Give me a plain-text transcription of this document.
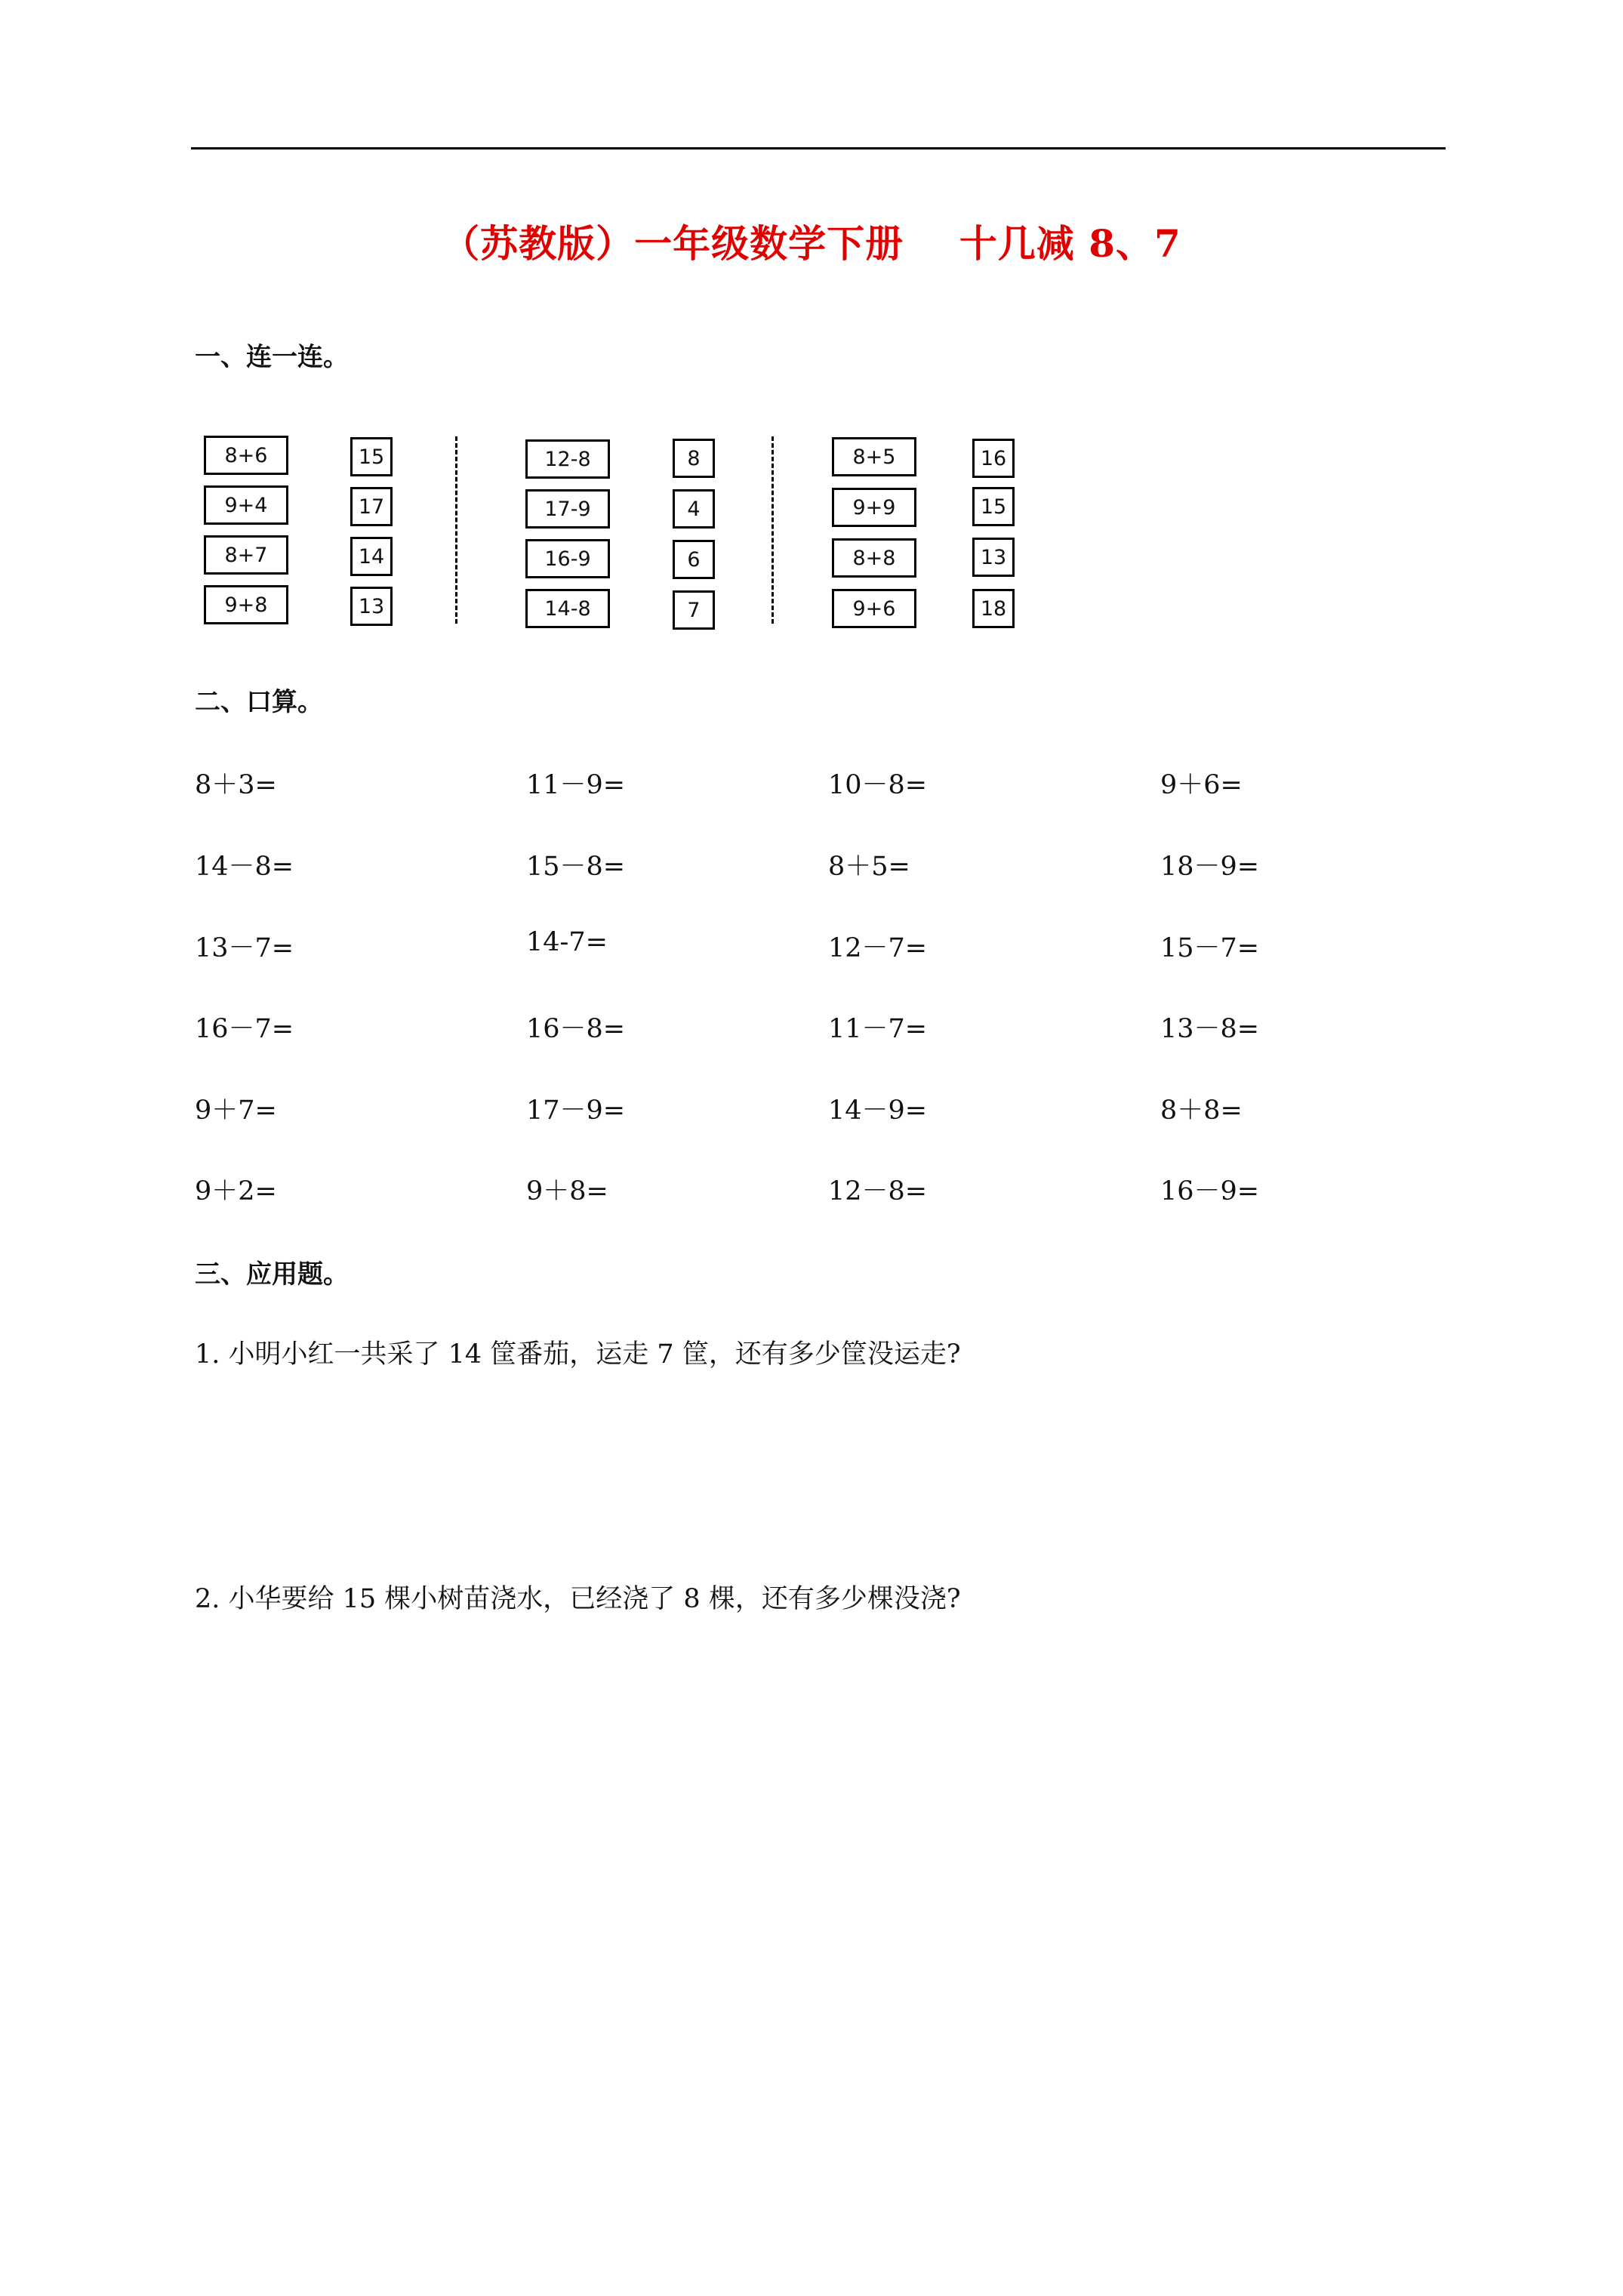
（苏教版）一年级数学下册    十几减 8、7
一、连一连。
8+6
9+4
8+7
9+8
15
17
14
13
12-8
17-9
16-9
14-8
8
4
6
7
8+5
9+9
8+8
9+6
16
15
13
18
二、口算。
8＋3=	11－9=	10－8=	9＋6=
14－8=	15－8=	8＋5=	18－9=
13－7=	14-7=	12－7=	15－7=
16－7=	16－8=	11－7=	13－8=
9＋7=	17－9=	14－9=	8＋8=
9＋2=	9＋8=	12－8=	16－9=
三、应用题。
1. 小明小红一共采了 14 筐番茄，运走 7 筐，还有多少筐没运走?
2. 小华要给 15 棵小树苗浇水，已经浇了 8 棵，还有多少棵没浇?
